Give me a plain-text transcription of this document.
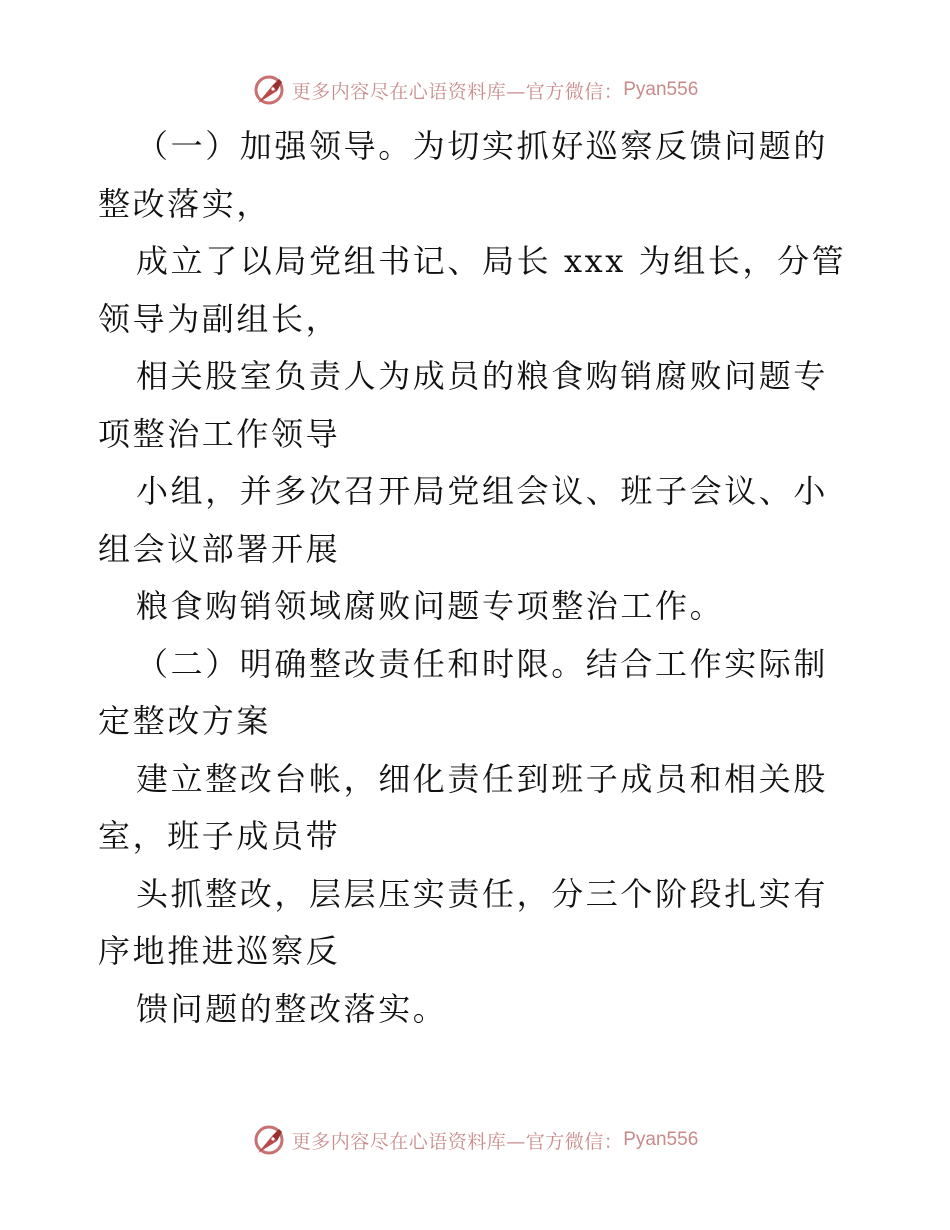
更多内容尽在心语资料库—官方微信： Pyan556

（一）加强领导。为切实抓好巡察反馈问题的整改落实，

成立了以局党组书记、局长 xxx 为组长，分管领导为副组长，

相关股室负责人为成员的粮食购销腐败问题专项整治工作领导

小组，并多次召开局党组会议、班子会议、小组会议部署开展

粮食购销领域腐败问题专项整治工作。

（二）明确整改责任和时限。结合工作实际制定整改方案

建立整改台帐，细化责任到班子成员和相关股室，班子成员带

头抓整改，层层压实责任，分三个阶段扎实有序地推进巡察反

馈问题的整改落实。

更多内容尽在心语资料库—官方微信： Pyan556
